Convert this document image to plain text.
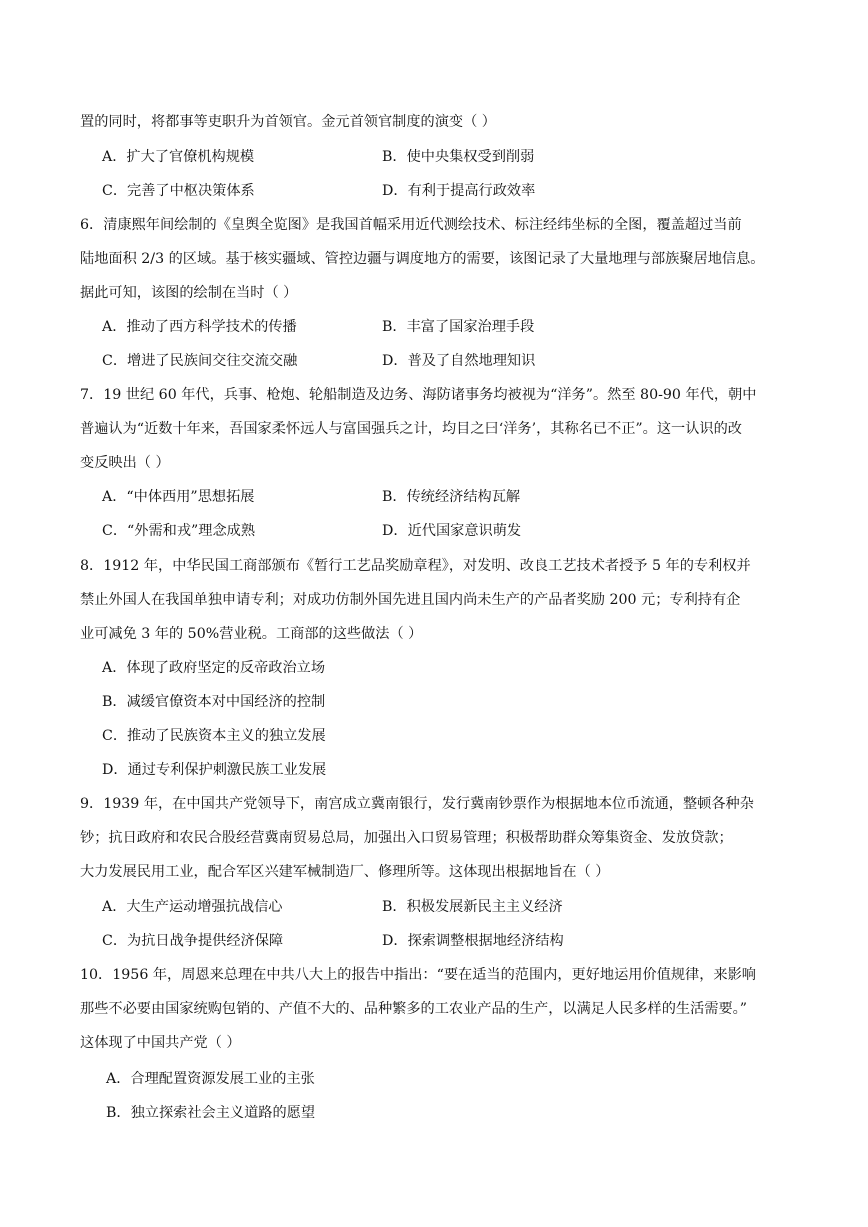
置的同时，将都事等吏职升为首领官。金元首领官制度的演变（ ）
A．扩大了官僚机构规模	B．使中央集权受到削弱
C．完善了中枢决策体系	D．有利于提高行政效率
6．清康熙年间绘制的《皇舆全览图》是我国首幅采用近代测绘技术、标注经纬坐标的全图，覆盖超过当前
陆地面积 2/3 的区域。基于核实疆域、管控边疆与调度地方的需要，该图记录了大量地理与部族聚居地信息。
据此可知，该图的绘制在当时（ ）
A．推动了西方科学技术的传播	B．丰富了国家治理手段
C．增进了民族间交往交流交融	D．普及了自然地理知识
7．19 世纪 60 年代，兵事、枪炮、轮船制造及边务、海防诸事务均被视为“洋务”。然至 80-90 年代，朝中
普遍认为“近数十年来，吾国家柔怀远人与富国强兵之计，均目之曰‘洋务’，其称名已不正”。这一认识的改
变反映出（ ）
A．“中体西用”思想拓展	B．传统经济结构瓦解
C．“外需和戎”理念成熟	D．近代国家意识萌发
8．1912 年，中华民国工商部颁布《暂行工艺品奖励章程》，对发明、改良工艺技术者授予 5 年的专利权并
禁止外国人在我国单独申请专利；对成功仿制外国先进且国内尚未生产的产品者奖励 200 元；专利持有企
业可减免 3 年的 50%营业税。工商部的这些做法（ ）
A．体现了政府坚定的反帝政治立场
B．减缓官僚资本对中国经济的控制
C．推动了民族资本主义的独立发展
D．通过专利保护刺激民族工业发展
9．1939 年，在中国共产党领导下，南宫成立冀南银行，发行冀南钞票作为根据地本位币流通，整顿各种杂
钞；抗日政府和农民合股经营冀南贸易总局，加强出入口贸易管理；积极帮助群众筹集资金、发放贷款；
大力发展民用工业，配合军区兴建军械制造厂、修理所等。这体现出根据地旨在（ ）
A．大生产运动增强抗战信心	B．积极发展新民主主义经济
C．为抗日战争提供经济保障	D．探索调整根据地经济结构
10．1956 年，周恩来总理在中共八大上的报告中指出：“要在适当的范围内，更好地运用价值规律，来影响
那些不必要由国家统购包销的、产值不大的、品种繁多的工农业产品的生产，以满足人民多样的生活需要。”
这体现了中国共产党（ ）
A．合理配置资源发展工业的主张
B．独立探索社会主义道路的愿望
